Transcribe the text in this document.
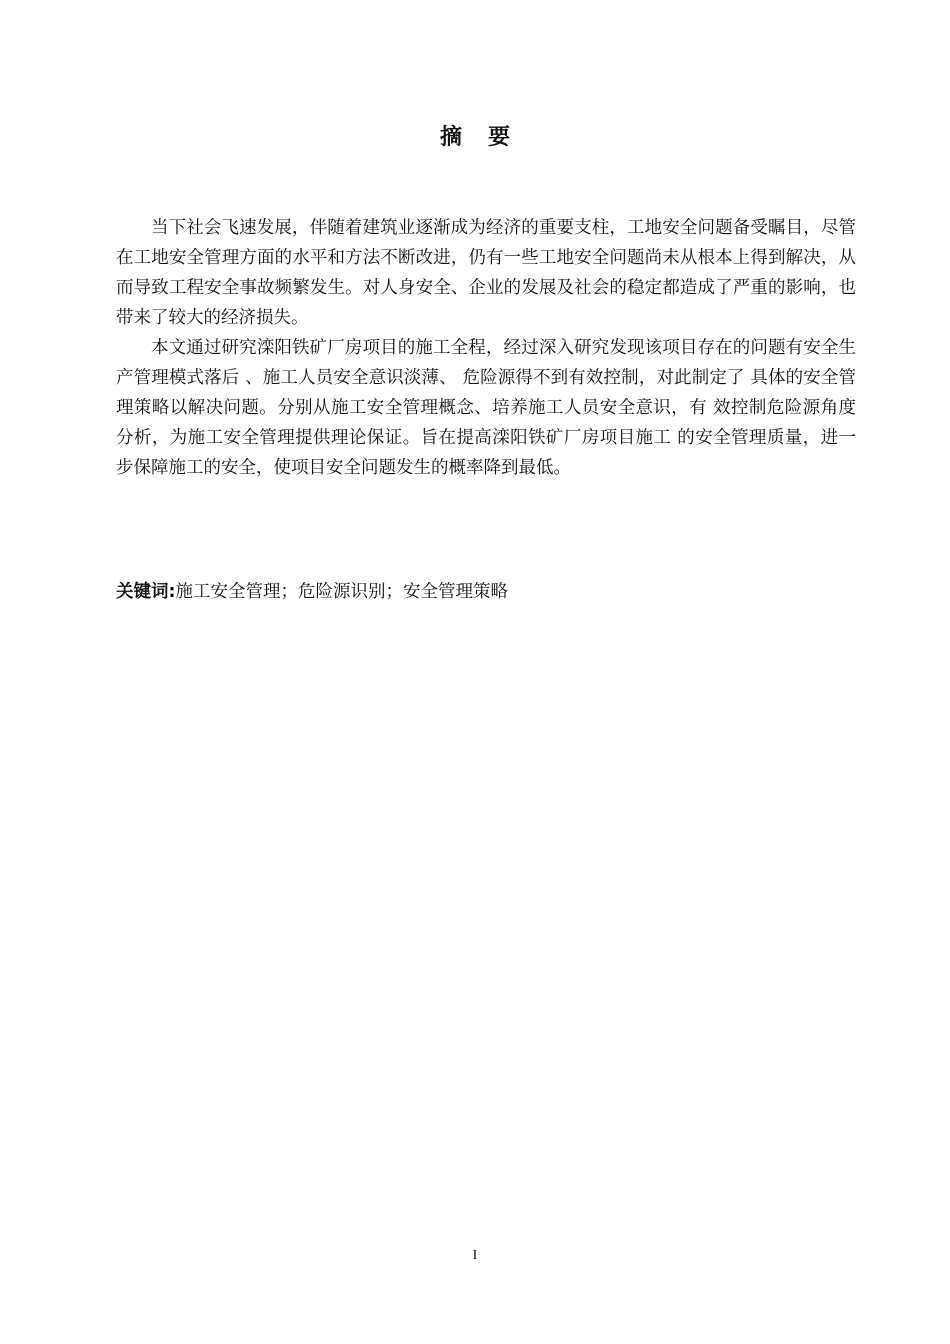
摘要

当下社会飞速发展，伴随着建筑业逐渐成为经济的重要支柱，工地安全问题备受瞩目，尽管在工地安全管理方面的水平和方法不断改进，仍有一些工地安全问题尚未从根本上得到解决，从而导致工程安全事故频繁发生。对人身安全、企业的发展及社会的稳定都造成了严重的影响，也带来了较大的经济损失。

本文通过研究滦阳铁矿厂房项目的施工全程，经过深入研究发现该项目存在的问题有安全生产管理模式落后 、施工人员安全意识淡薄、 危险源得不到有效控制，对此制定了 具体的安全管理策略以解决问题。分别从施工安全管理概念、培养施工人员安全意识，有 效控制危险源角度分析，为施工安全管理提供理论保证。旨在提高滦阳铁矿厂房项目施工 的安全管理质量，进一步保障施工的安全，使项目安全问题发生的概率降到最低。

关键词:施工安全管理；危险源识别；安全管理策略
I
